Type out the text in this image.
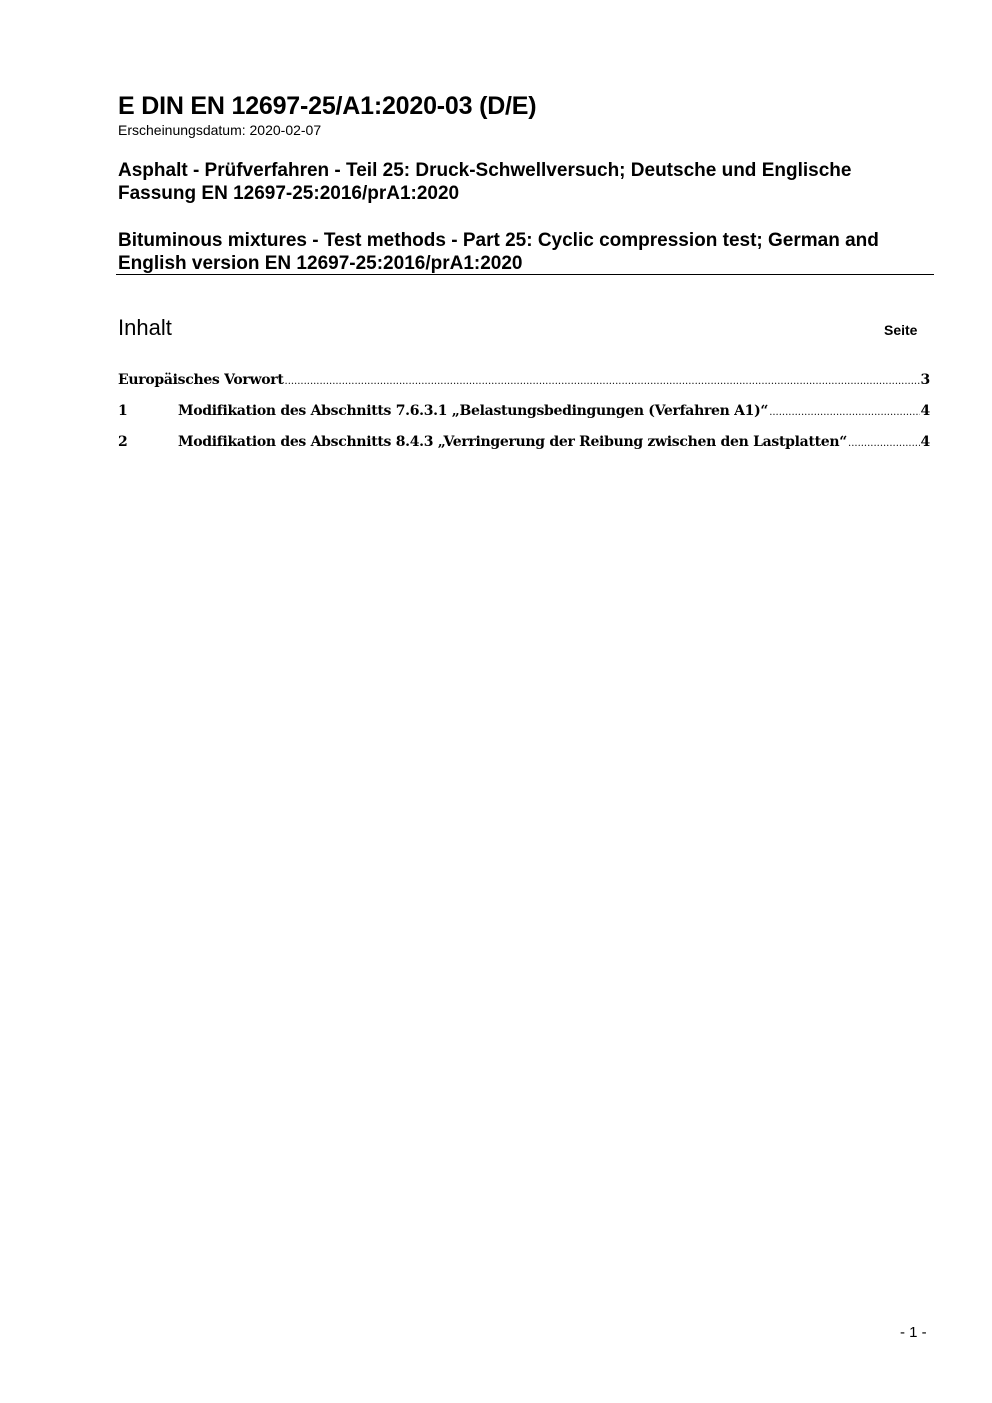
E DIN EN 12697-25/A1:2020-03 (D/E)
Erscheinungsdatum: 2020-02-07
Asphalt - Prüfverfahren - Teil 25: Druck-Schwellversuch; Deutsche und Englische Fassung EN 12697-25:2016/prA1:2020
Bituminous mixtures - Test methods - Part 25: Cyclic compression test; German and English version EN 12697-25:2016/prA1:2020
Inhalt	Seite
Europäisches Vorwort .....	3
1	Modifikation des Abschnitts 7.6.3.1 „Belastungsbedingungen (Verfahren A1)“ .....	4
2	Modifikation des Abschnitts 8.4.3 „Verringerung der Reibung zwischen den Lastplatten“ .....	4
- 1 -
